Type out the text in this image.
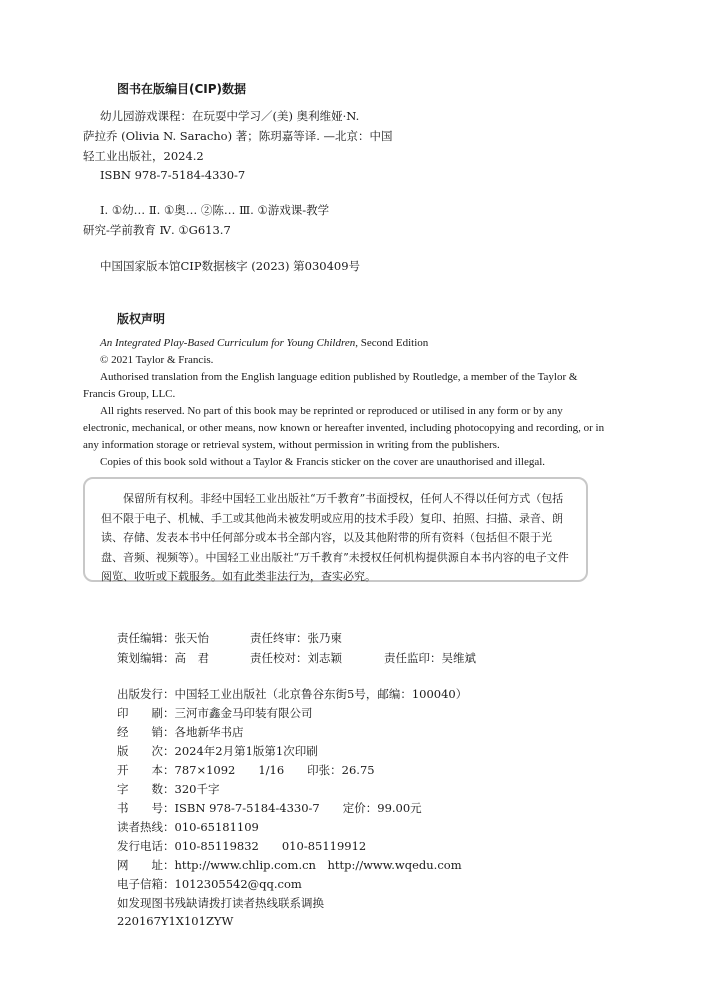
图书在版编目(CIP)数据
幼儿园游戏课程：在玩耍中学习／(美) 奥利维娅·N.
萨拉乔 (Olivia N. Saracho) 著；陈玥嘉等译. —北京：中国
轻工业出版社，2024.2
ISBN 978-7-5184-4330-7
Ⅰ. ①幼… Ⅱ. ①奥… ②陈… Ⅲ. ①游戏课-教学
研究-学前教育 Ⅳ. ①G613.7
中国国家版本馆CIP数据核字 (2023) 第030409号
版权声明
An Integrated Play-Based Curriculum for Young Children, Second Edition
© 2021 Taylor & Francis.
Authorised translation from the English language edition published by Routledge, a member of the Taylor & Francis Group, LLC.
All rights reserved. No part of this book may be reprinted or reproduced or utilised in any form or by any electronic, mechanical, or other means, now known or hereafter invented, including photocopying and recording, or in any information storage or retrieval system, without permission in writing from the publishers.
Copies of this book sold without a Taylor & Francis sticker on the cover are unauthorised and illegal.

保留所有权利。非经中国轻工业出版社“万千教育”书面授权，任何人不得以任何方式（包括但不限于电子、机械、手工或其他尚未被发明或应用的技术手段）复印、拍照、扫描、录音、朗读、存储、发表本书中任何部分或本书全部内容，以及其他附带的所有资料（包括但不限于光盘、音频、视频等）。中国轻工业出版社“万千教育”未授权任何机构提供源自本书内容的电子文件阅览、收听或下载服务。如有此类非法行为，查实必究。

责任编辑：张天怡	责任终审：张乃柬
策划编辑：高　君	责任校对：刘志颖	责任监印：吴维斌
出版发行：中国轻工业出版社（北京鲁谷东街5号，邮编：100040）
印　　刷：三河市鑫金马印装有限公司
经　　销：各地新华书店
版　　次：2024年2月第1版第1次印刷
开　　本：787×1092　　1/16　　印张：26.75
字　　数：320千字
书　　号：ISBN 978-7-5184-4330-7　　定价：99.00元
读者热线：010-65181109
发行电话：010-85119832　　010-85119912
网　　址：http://www.chlip.com.cn　http://www.wqedu.com
电子信箱：1012305542@qq.com
如发现图书残缺请拨打读者热线联系调换
220167Y1X101ZYW
